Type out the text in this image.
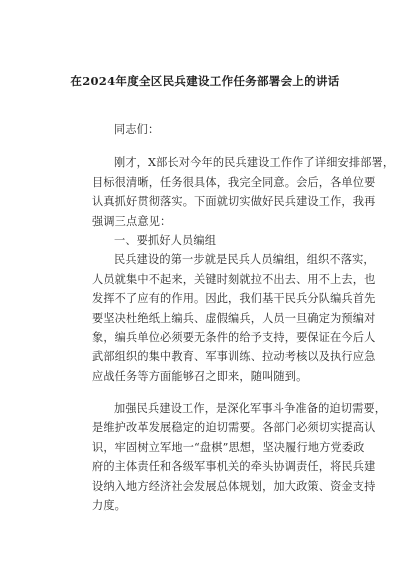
在2024年度全区民兵建设工作任务部署会上的讲话
同志们：
刚才，X部长对今年的民兵建设工作作了详细安排部署，
目标很清晰，任务很具体，我完全同意。会后，各单位要
认真抓好贯彻落实。下面就切实做好民兵建设工作，我再
强调三点意见：
一、要抓好人员编组
民兵建设的第一步就是民兵人员编组，组织不落实，
人员就集中不起来，关键时刻就拉不出去、用不上去，也
发挥不了应有的作用。因此，我们基干民兵分队编兵首先
要坚决杜绝纸上编兵、虚假编兵，人员一旦确定为预编对
象，编兵单位必须要无条件的给予支持，要保证在今后人
武部组织的集中教育、军事训练、拉动考核以及执行应急
应战任务等方面能够召之即来，随叫随到。
加强民兵建设工作，是深化军事斗争准备的迫切需要，
是维护改革发展稳定的迫切需要。各部门必须切实提高认
识，牢固树立军地一“盘棋”思想，坚决履行地方党委政
府的主体责任和各级军事机关的牵头协调责任，将民兵建
设纳入地方经济社会发展总体规划，加大政策、资金支持
力度。
